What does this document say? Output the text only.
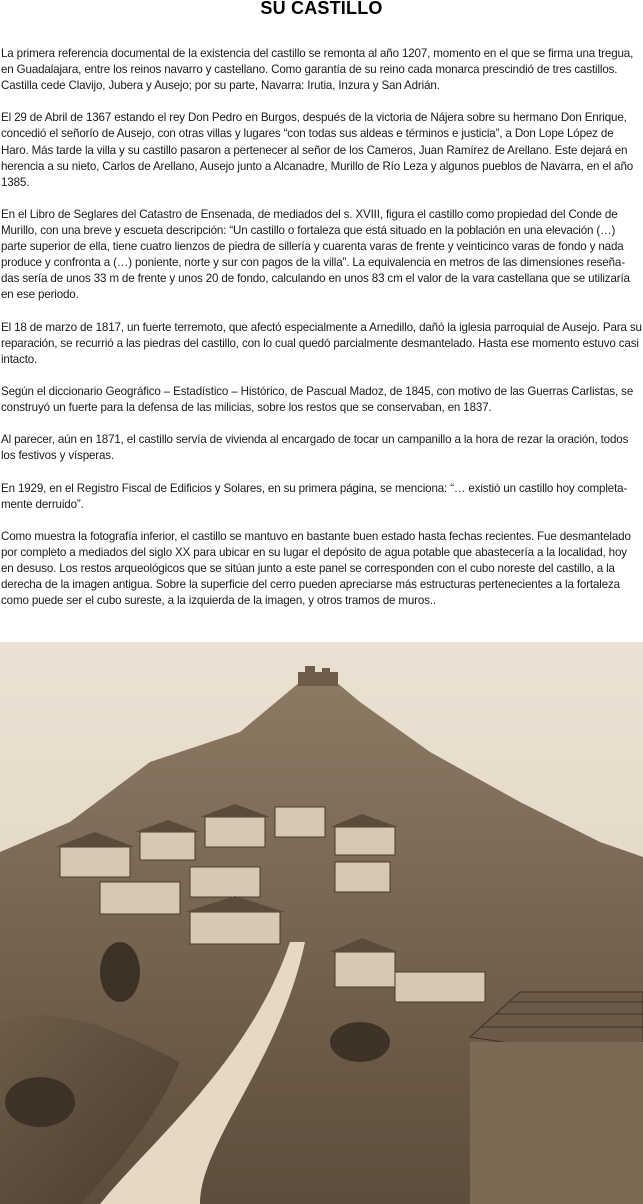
SU CASTILLO

La primera referencia documental de la existencia del castillo se remonta al año 1207, momento en el que se firma una tregua, en Guadalajara, entre los reinos navarro y castellano. Como garantía de su reino cada monarca prescindió de tres castillos. Castilla cede Clavijo, Jubera y Ausejo; por su parte, Navarra: Irutia, Inzura y San Adrián.

El 29 de Abril de 1367 estando el rey Don Pedro en Burgos, después de la victoria de Nájera sobre su hermano Don Enrique, concedió el señorío de Ausejo, con otras villas y lugares “con todas sus aldeas e términos e justicia”, a Don Lope López de Haro. Más tarde la villa y su castillo pasaron a pertenecer al señor de los Cameros, Juan Ramírez de Arellano. Este dejará en herencia a su nieto, Carlos de Arellano, Ausejo junto a Alcanadre, Murillo de Río Leza y algunos pueblos de Navarra, en el año 1385.

En el Libro de Seglares del Catastro de Ensenada, de mediados del s. XVIII, figura el castillo como propiedad del Conde de Murillo, con una breve y escueta descripción: “Un castillo o fortaleza que está situado en la población en una elevación (…) parte superior de ella, tiene cuatro lienzos de piedra de sillería y cuarenta varas de frente y veinticinco varas de fondo y nada produce y confronta a (…) poniente, norte y sur con pagos de la villa”. La equivalencia en metros de las dimensiones reseña-das sería de unos 33 m de frente y unos 20 de fondo, calculando en unos 83 cm el valor de la vara castellana que se utilizaría en ese periodo.

El 18 de marzo de 1817, un fuerte terremoto, que afectó especialmente a Arnedillo, dañó la iglesia parroquial de Ausejo. Para su reparación, se recurrió a las piedras del castillo, con lo cual quedó parcialmente desmantelado. Hasta ese momento estuvo casi intacto.

Según el diccionario Geográfico – Estadístico – Histórico, de Pascual Madoz, de 1845, con motivo de las Guerras Carlistas, se construyó un fuerte para la defensa de las milicias, sobre los restos que se conservaban, en 1837.

Al parecer, aún en 1871, el castillo servía de vivienda al encargado de tocar un campanillo a la hora de rezar la oración, todos los festivos y vísperas.

En 1929, en el Registro Fiscal de Edificios y Solares, en su primera página, se menciona: “… existió un castillo hoy completa-mente derruido”.

Como muestra la fotografía inferior, el castillo se mantuvo en bastante buen estado hasta fechas recientes. Fue desmantelado por completo a mediados del siglo XX para ubicar en su lugar el depósito de agua potable que abastecería a la localidad, hoy en desuso. Los restos arqueológicos que se sitúan junto a este panel se corresponden con el cubo noreste del castillo, a la derecha de la imagen antigua. Sobre la superficie del cerro pueden apreciarse más estructuras pertenecientes a la fortaleza como puede ser el cubo sureste, a la izquierda de la imagen, y otros tramos de muros..
